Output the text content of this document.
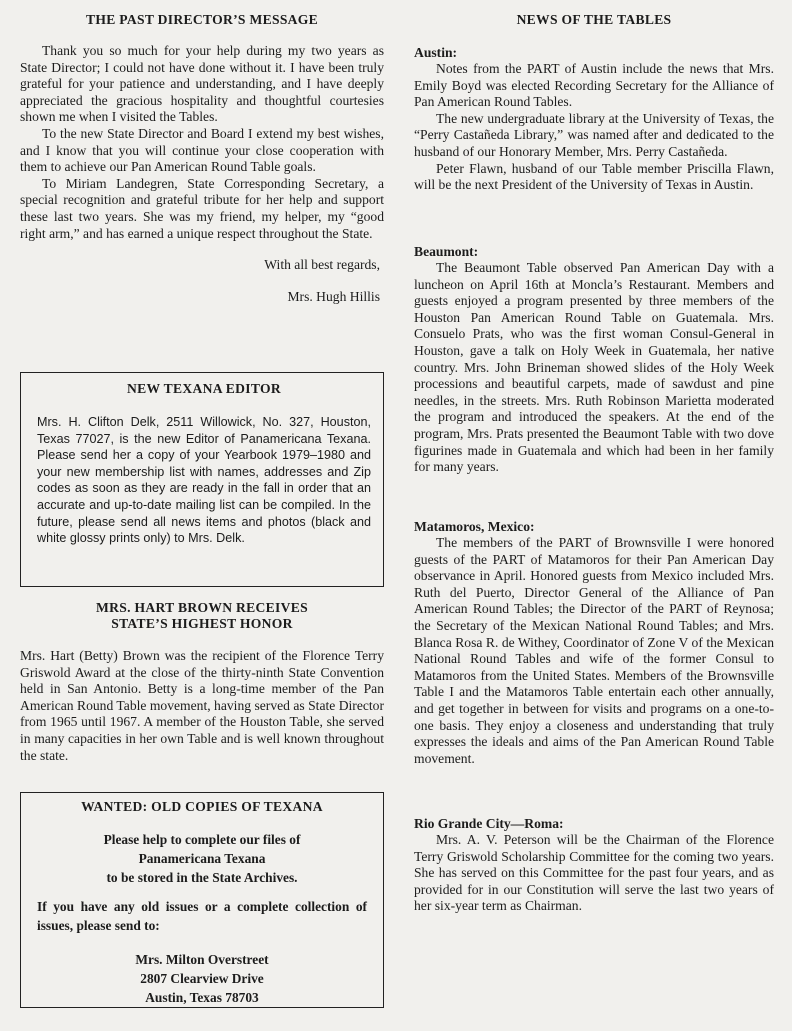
THE PAST DIRECTOR’S MESSAGE

Thank you so much for your help during my two years as State Director; I could not have done without it. I have been truly grateful for your patience and understanding, and I have deeply appreciated the gracious hospitality and thoughtful courtesies shown me when I visited the Tables.

To the new State Director and Board I extend my best wishes, and I know that you will continue your close cooperation with them to achieve our Pan American Round Table goals.

To Miriam Landegren, State Corresponding Secretary, a special recognition and grateful tribute for her help and support these last two years. She was my friend, my helper, my “good right arm,” and has earned a unique respect throughout the State.

With all best regards,
Mrs. Hugh Hillis
NEW TEXANA EDITOR

Mrs. H. Clifton Delk, 2511 Willowick, No. 327, Houston, Texas 77027, is the new Editor of Panamericana Texana. Please send her a copy of your Yearbook 1979–1980 and your new membership list with names, addresses and Zip codes as soon as they are ready in the fall in order that an accurate and up-to-date mailing list can be compiled. In the future, please send all news items and photos (black and white glossy prints only) to Mrs. Delk.

MRS. HART BROWN RECEIVES
STATE’S HIGHEST HONOR

Mrs. Hart (Betty) Brown was the recipient of the Florence Terry Griswold Award at the close of the thirty-ninth State Convention held in San Antonio. Betty is a long-time member of the Pan American Round Table movement, having served as State Director from 1965 until 1967. A member of the Houston Table, she served in many capacities in her own Table and is well known throughout the state.

WANTED: OLD COPIES OF TEXANA
Please help to complete our files of
Panamericana Texana
to be stored in the State Archives.

If you have any old issues or a complete collection of issues, please send to:

Mrs. Milton Overstreet
2807 Clearview Drive
Austin, Texas 78703
NEWS OF THE TABLES
Austin:

Notes from the PART of Austin include the news that Mrs. Emily Boyd was elected Recording Secretary for the Alliance of Pan American Round Tables.

The new undergraduate library at the University of Texas, the “Perry Castañeda Library,” was named after and dedicated to the husband of our Honorary Member, Mrs. Perry Castañeda.

Peter Flawn, husband of our Table member Priscilla Flawn, will be the next President of the University of Texas in Austin.

Beaumont:

The Beaumont Table observed Pan American Day with a luncheon on April 16th at Moncla’s Restaurant. Members and guests enjoyed a program presented by three members of the Houston Pan American Round Table on Guatemala. Mrs. Consuelo Prats, who was the first woman Consul-General in Houston, gave a talk on Holy Week in Guatemala, her native country. Mrs. John Brineman showed slides of the Holy Week processions and beautiful carpets, made of sawdust and pine needles, in the streets. Mrs. Ruth Robinson Marietta moderated the program and introduced the speakers. At the end of the program, Mrs. Prats presented the Beaumont Table with two dove figurines made in Guatemala and which had been in her family for many years.

Matamoros, Mexico:

The members of the PART of Brownsville I were honored guests of the PART of Matamoros for their Pan American Day observance in April. Honored guests from Mexico included Mrs. Ruth del Puerto, Director General of the Alliance of Pan American Round Tables; the Director of the PART of Reynosa; the Secretary of the Mexican National Round Tables; and Mrs. Blanca Rosa R. de Withey, Coordinator of Zone V of the Mexican National Round Tables and wife of the former Consul to Matamoros from the United States. Members of the Brownsville Table I and the Matamoros Table entertain each other annually, and get together in between for visits and programs on a one-to-one basis. They enjoy a closeness and understanding that truly expresses the ideals and aims of the Pan American Round Table movement.

Rio Grande City—Roma:

Mrs. A. V. Peterson will be the Chairman of the Florence Terry Griswold Scholarship Committee for the coming two years. She has served on this Committee for the past four years, and as provided for in our Constitution will serve the last two years of her six-year term as Chairman.
